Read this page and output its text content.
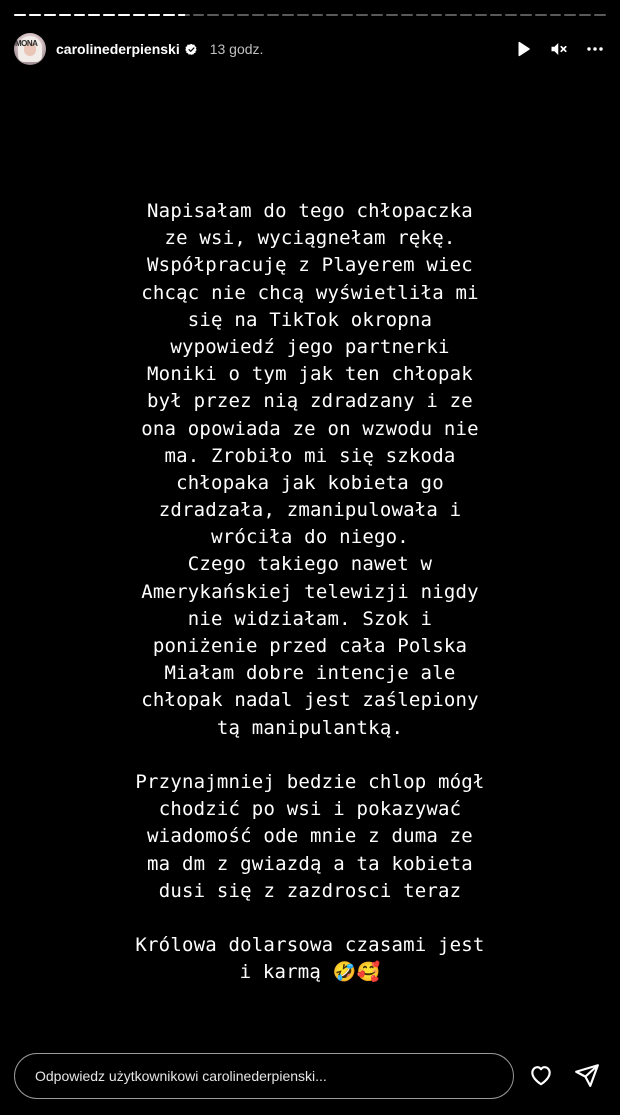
MONA carolinederpienski 13 godz.
Napisałam do tego chłopaczka
ze wsi, wyciągnełam rękę.
Współpracuję z Playerem wiec
chcąc nie chcą wyświetliła mi
się na TikTok okropna
wypowiedź jego partnerki
Moniki o tym jak ten chłopak
był przez nią zdradzany i ze
ona opowiada ze on wzwodu nie
ma. Zrobiło mi się szkoda
chłopaka jak kobieta go
zdradzała, zmanipulowała i
wróciła do niego.
Czego takiego nawet w
Amerykańskiej telewizji nigdy
nie widziałam. Szok i
poniżenie przed cała Polska
Miałam dobre intencje ale
chłopak nadal jest zaślepiony
tą manipulantką.
Przynajmniej bedzie chlop mógł
chodzić po wsi i pokazywać
wiadomość ode mnie z duma ze
ma dm z gwiazdą a ta kobieta
dusi się z zazdrosci teraz
Królowa dolarsowa czasami jest
i karmą 🤣🥰
Odpowiedz użytkownikowi carolinederpienski...
